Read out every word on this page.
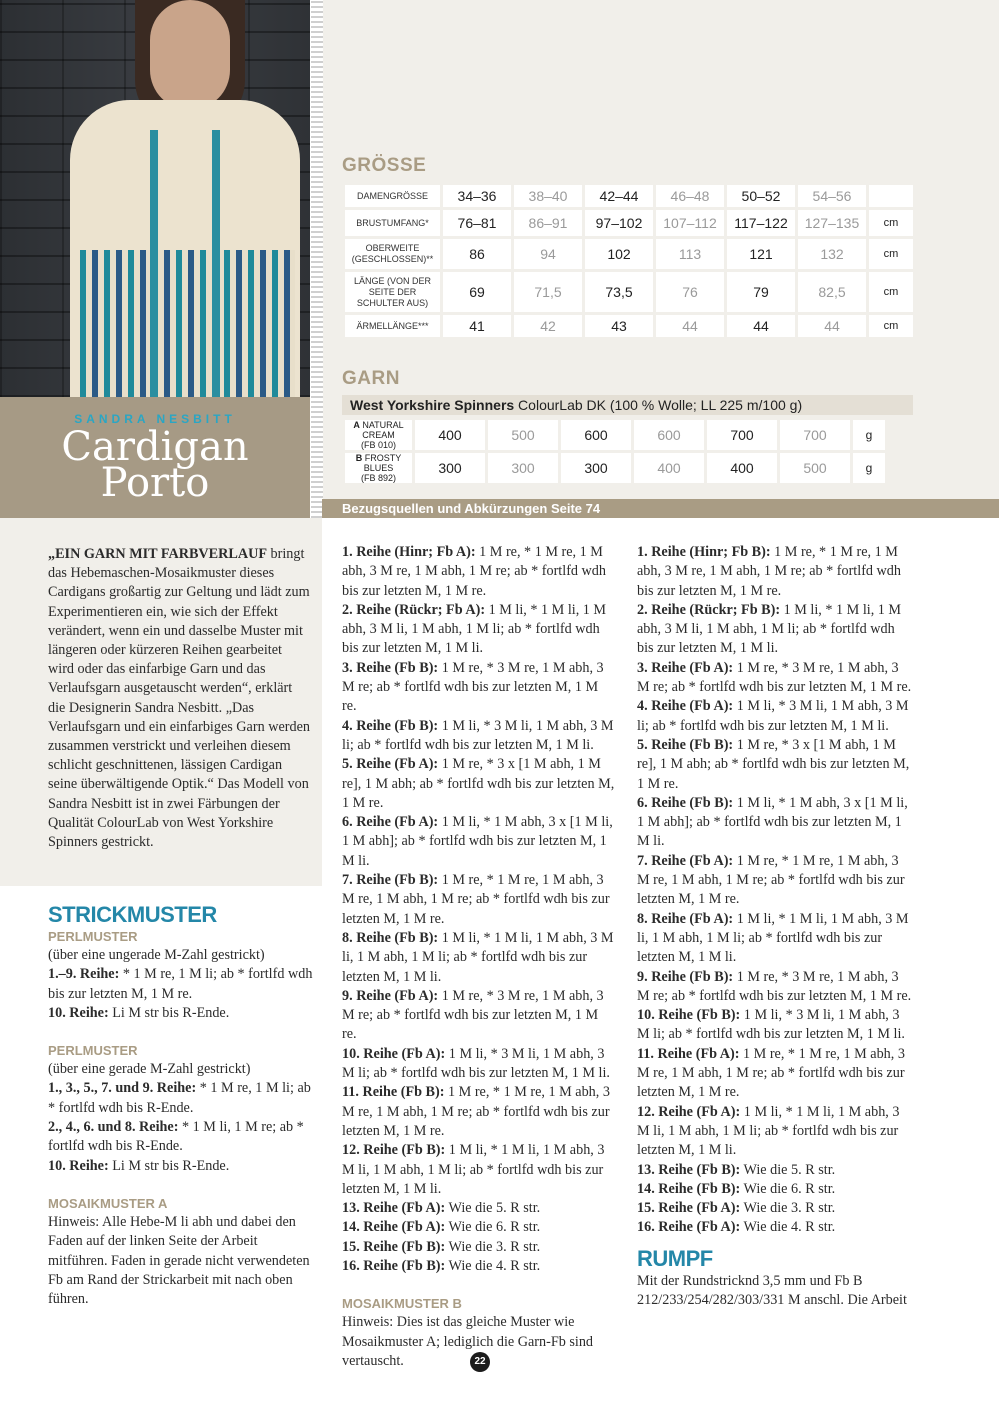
SANDRA NESBITT
Cardigan
Porto
GRÖSSE
DAMENGRÖSSE	34–36	38–40	42–44	46–48	50–52	54–56	
BRUSTUMFANG*	76–81	86–91	97–102	107–112	117–122	127–135	cm
OBERWEITE (GESCHLOSSEN)**	86	94	102	113	121	132	cm
LÄNGE (VON DER SEITE DER SCHULTER AUS)	69	71,5	73,5	76	79	82,5	cm
ÄRMELLÄNGE***	41	42	43	44	44	44	cm
GARN
West Yorkshire Spinners ColourLab DK (100 % Wolle; LL 225 m/100 g)
A NATURAL CREAM
(FB 010)	400	500	600	600	700	700	g
B FROSTY BLUES
(FB 892)	300	300	300	400	400	500	g
Bezugsquellen und Abkürzungen Seite 74
„EIN GARN MIT FARBVERLAUF bringt das Hebemaschen-Mosaikmuster dieses Cardigans großartig zur Geltung und lädt zum Experimentieren ein, wie sich der Effekt verändert, wenn ein und dasselbe Muster mit längeren oder kürzeren Reihen gearbeitet wird oder das einfarbige Garn und das Verlaufsgarn ausgetauscht werden“, erklärt die Designerin Sandra Nesbitt. „Das Verlaufsgarn und ein einfarbiges Garn werden zusammen verstrickt und verleihen diesem schlicht geschnittenen, lässigen Cardigan seine überwältigende Optik.“ Das Modell von Sandra Nesbitt ist in zwei Färbungen der Qualität ColourLab von West Yorkshire Spinners gestrickt.
STRICKMUSTER
PERLMUSTER

(über eine ungerade M-Zahl gestrickt)

1.–9. Reihe: * 1 M re, 1 M li; ab * fortlfd wdh bis zur letzten M, 1 M re.

10. Reihe: Li M str bis R-Ende.

PERLMUSTER

(über eine gerade M-Zahl gestrickt)

1., 3., 5., 7. und 9. Reihe: * 1 M re, 1 M li; ab * fortlfd wdh bis R-Ende.

2., 4., 6. und 8. Reihe: * 1 M li, 1 M re; ab * fortlfd wdh bis R-Ende.

10. Reihe: Li M str bis R-Ende.

MOSAIKMUSTER A

Hinweis: Alle Hebe-M li abh und dabei den Faden auf der linken Seite der Arbeit mitführen. Faden in gerade nicht verwendeten Fb am Rand der Strickarbeit mit nach oben führen.

1. Reihe (Hinr; Fb A): 1 M re, * 1 M re, 1 M abh, 3 M re, 1 M abh, 1 M re; ab * fortlfd wdh bis zur letzten M, 1 M re.

2. Reihe (Rückr; Fb A): 1 M li, * 1 M li, 1 M abh, 3 M li, 1 M abh, 1 M li; ab * fortlfd wdh bis zur letzten M, 1 M li.

3. Reihe (Fb B): 1 M re, * 3 M re, 1 M abh, 3 M re; ab * fortlfd wdh bis zur letzten M, 1 M re.

4. Reihe (Fb B): 1 M li, * 3 M li, 1 M abh, 3 M li; ab * fortlfd wdh bis zur letzten M, 1 M li.

5. Reihe (Fb A): 1 M re, * 3 x [1 M abh, 1 M re], 1 M abh; ab * fortlfd wdh bis zur letzten M, 1 M re.

6. Reihe (Fb A): 1 M li, * 1 M abh, 3 x [1 M li, 1 M abh]; ab * fortlfd wdh bis zur letzten M, 1 M li.

7. Reihe (Fb B): 1 M re, * 1 M re, 1 M abh, 3 M re, 1 M abh, 1 M re; ab * fortlfd wdh bis zur letzten M, 1 M re.

8. Reihe (Fb B): 1 M li, * 1 M li, 1 M abh, 3 M li, 1 M abh, 1 M li; ab * fortlfd wdh bis zur letzten M, 1 M li.

9. Reihe (Fb A): 1 M re, * 3 M re, 1 M abh, 3 M re; ab * fortlfd wdh bis zur letzten M, 1 M re.

10. Reihe (Fb A): 1 M li, * 3 M li, 1 M abh, 3 M li; ab * fortlfd wdh bis zur letzten M, 1 M li.

11. Reihe (Fb B): 1 M re, * 1 M re, 1 M abh, 3 M re, 1 M abh, 1 M re; ab * fortlfd wdh bis zur letzten M, 1 M re.

12. Reihe (Fb B): 1 M li, * 1 M li, 1 M abh, 3 M li, 1 M abh, 1 M li; ab * fortlfd wdh bis zur letzten M, 1 M li.

13. Reihe (Fb A): Wie die 5. R str.

14. Reihe (Fb A): Wie die 6. R str.

15. Reihe (Fb B): Wie die 3. R str.

16. Reihe (Fb B): Wie die 4. R str.

MOSAIKMUSTER B

Hinweis: Dies ist das gleiche Muster wie Mosaikmuster A; lediglich die Garn-Fb sind vertauscht.

1. Reihe (Hinr; Fb B): 1 M re, * 1 M re, 1 M abh, 3 M re, 1 M abh, 1 M re; ab * fortlfd wdh bis zur letzten M, 1 M re.

2. Reihe (Rückr; Fb B): 1 M li, * 1 M li, 1 M abh, 3 M li, 1 M abh, 1 M li; ab * fortlfd wdh bis zur letzten M, 1 M li.

3. Reihe (Fb A): 1 M re, * 3 M re, 1 M abh, 3 M re; ab * fortlfd wdh bis zur letzten M, 1 M re.

4. Reihe (Fb A): 1 M li, * 3 M li, 1 M abh, 3 M li; ab * fortlfd wdh bis zur letzten M, 1 M li.

5. Reihe (Fb B): 1 M re, * 3 x [1 M abh, 1 M re], 1 M abh; ab * fortlfd wdh bis zur letzten M, 1 M re.

6. Reihe (Fb B): 1 M li, * 1 M abh, 3 x [1 M li, 1 M abh]; ab * fortlfd wdh bis zur letzten M, 1 M li.

7. Reihe (Fb A): 1 M re, * 1 M re, 1 M abh, 3 M re, 1 M abh, 1 M re; ab * fortlfd wdh bis zur letzten M, 1 M re.

8. Reihe (Fb A): 1 M li, * 1 M li, 1 M abh, 3 M li, 1 M abh, 1 M li; ab * fortlfd wdh bis zur letzten M, 1 M li.

9. Reihe (Fb B): 1 M re, * 3 M re, 1 M abh, 3 M re; ab * fortlfd wdh bis zur letzten M, 1 M re.

10. Reihe (Fb B): 1 M li, * 3 M li, 1 M abh, 3 M li; ab * fortlfd wdh bis zur letzten M, 1 M li.

11. Reihe (Fb A): 1 M re, * 1 M re, 1 M abh, 3 M re, 1 M abh, 1 M re; ab * fortlfd wdh bis zur letzten M, 1 M re.

12. Reihe (Fb A): 1 M li, * 1 M li, 1 M abh, 3 M li, 1 M abh, 1 M li; ab * fortlfd wdh bis zur letzten M, 1 M li.

13. Reihe (Fb B): Wie die 5. R str.

14. Reihe (Fb B): Wie die 6. R str.

15. Reihe (Fb A): Wie die 3. R str.

16. Reihe (Fb A): Wie die 4. R str.

RUMPF

Mit der Rundstricknd 3,5 mm und Fb B 212/233/254/282/303/331 M anschl. Die Arbeit

22
